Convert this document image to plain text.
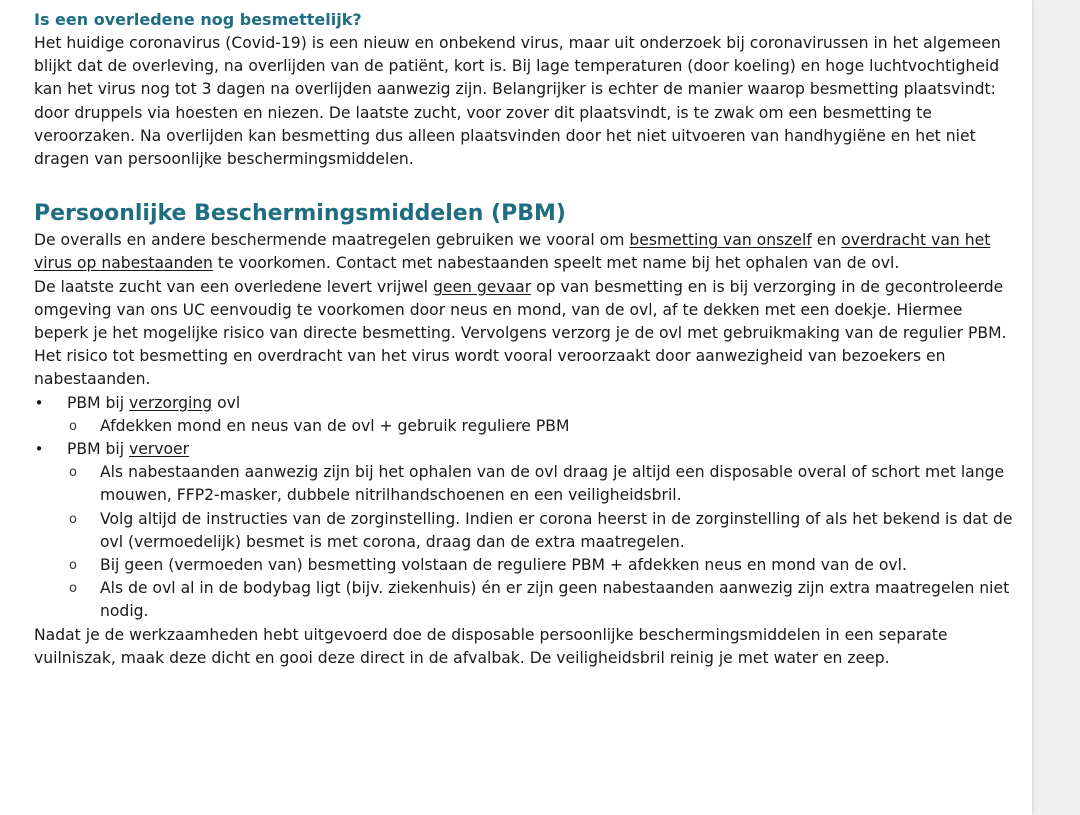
Is een overledene nog besmettelijk?

Het huidige coronavirus (Covid-19) is een nieuw en onbekend virus, maar uit onderzoek bij coronavirussen in het algemeen blijkt dat de overleving, na overlijden van de patiënt, kort is. Bij lage temperaturen (door koeling) en hoge luchtvochtigheid kan het virus nog tot 3 dagen na overlijden aanwezig zijn. Belangrijker is echter de manier waarop besmetting plaatsvindt: door druppels via hoesten en niezen. De laatste zucht, voor zover dit plaatsvindt, is te zwak om een besmetting te veroorzaken. Na overlijden kan besmetting dus alleen plaatsvinden door het niet uitvoeren van handhygiëne en het niet dragen van persoonlijke beschermingsmiddelen.

Persoonlijke Beschermingsmiddelen (PBM)

De overalls en andere beschermende maatregelen gebruiken we vooral om besmetting van onszelf en overdracht van het virus op nabestaanden te voorkomen. Contact met nabestaanden speelt met name bij het ophalen van de ovl.

De laatste zucht van een overledene levert vrijwel geen gevaar op van besmetting en is bij verzorging in de gecontroleerde omgeving van ons UC eenvoudig te voorkomen door neus en mond, van de ovl, af te dekken met een doekje. Hiermee beperk je het mogelijke risico van directe besmetting. Vervolgens verzorg je de ovl met gebruikmaking van de regulier PBM.

Het risico tot besmetting en overdracht van het virus wordt vooral veroorzaakt door aanwezigheid van bezoekers en nabestaanden.

• PBM bij verzorging ovl
o Afdekken mond en neus van de ovl + gebruik reguliere PBM
• PBM bij vervoer
o Als nabestaanden aanwezig zijn bij het ophalen van de ovl draag je altijd een disposable overal of schort met lange mouwen, FFP2-masker, dubbele nitrilhandschoenen en een veiligheidsbril.
o Volg altijd de instructies van de zorginstelling. Indien er corona heerst in de zorginstelling of als het bekend is dat de ovl (vermoedelijk) besmet is met corona, draag dan de extra maatregelen.
o Bij geen (vermoeden van) besmetting volstaan de reguliere PBM + afdekken neus en mond van de ovl.
o Als de ovl al in de bodybag ligt (bijv. ziekenhuis) én er zijn geen nabestaanden aanwezig zijn extra maatregelen niet nodig.

Nadat je de werkzaamheden hebt uitgevoerd doe de disposable persoonlijke beschermingsmiddelen in een separate vuilniszak, maak deze dicht en gooi deze direct in de afvalbak. De veiligheidsbril reinig je met water en zeep.
